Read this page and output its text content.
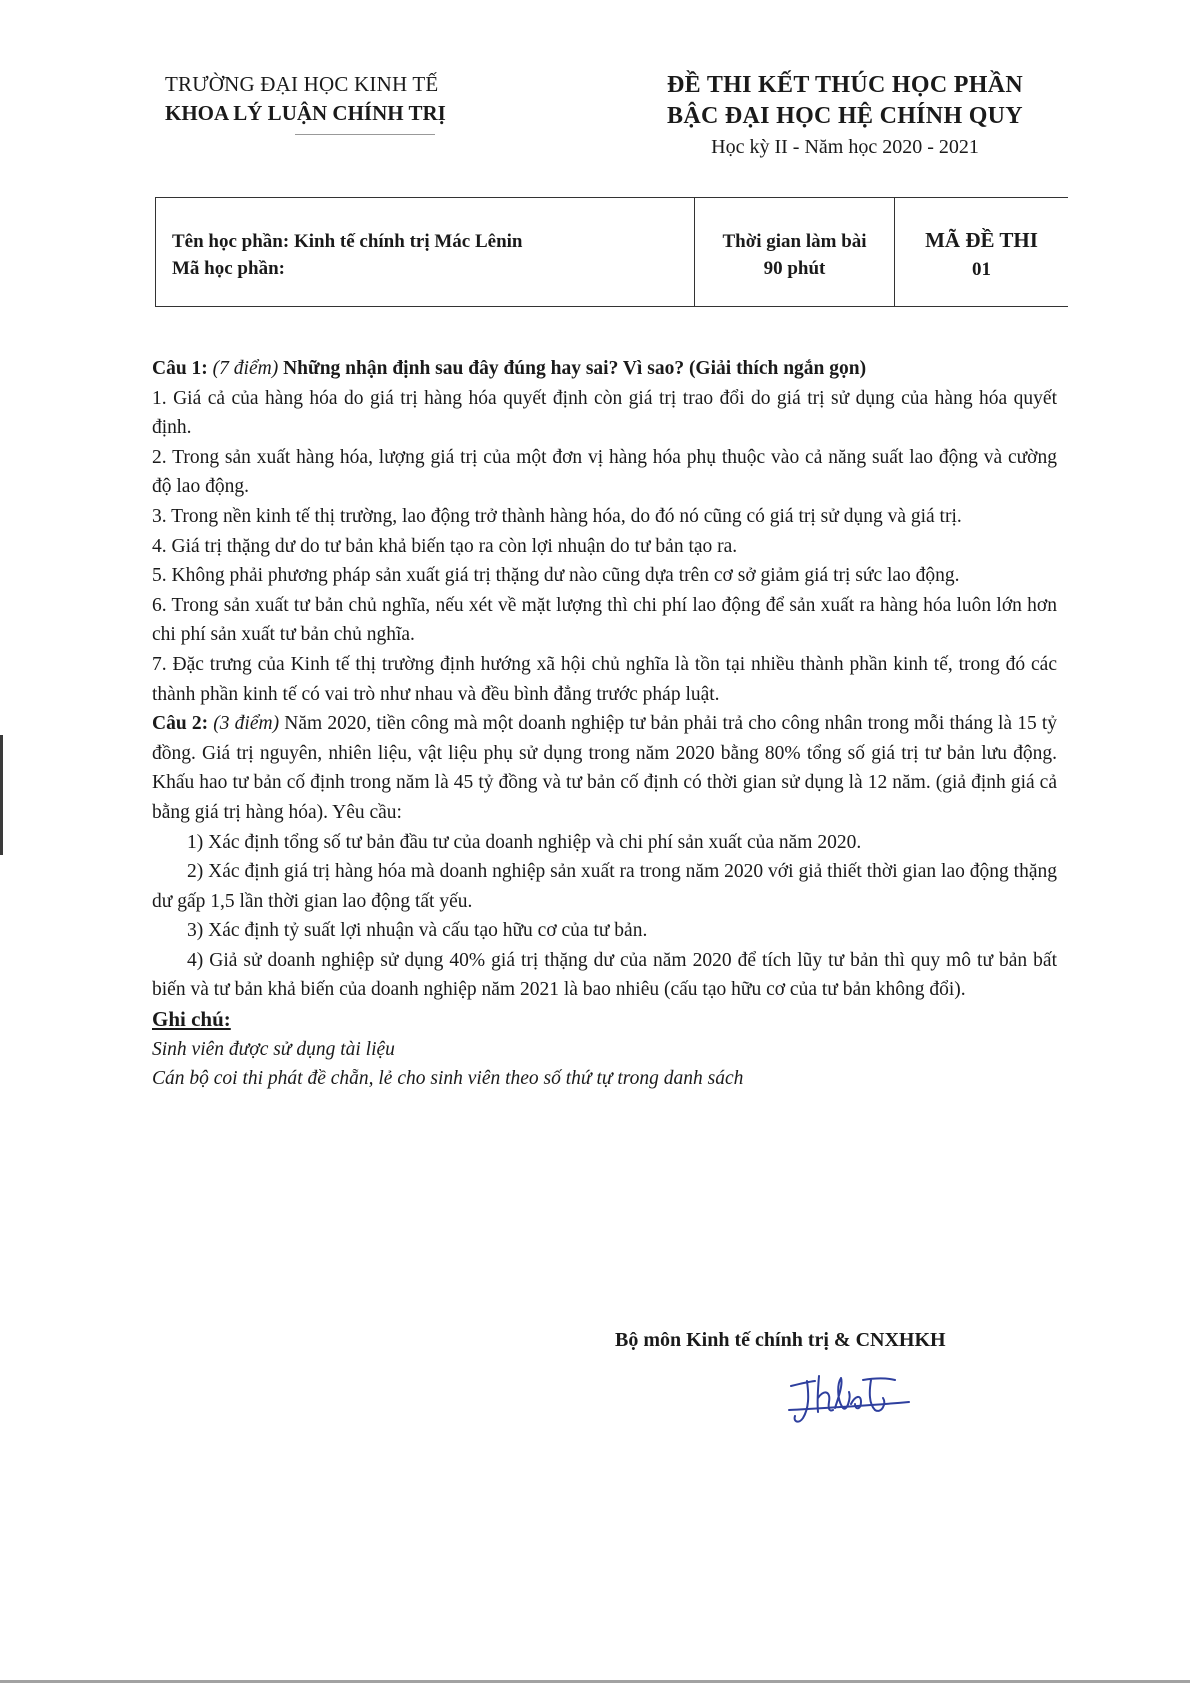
TRƯỜNG ĐẠI HỌC KINH TẾ
KHOA LÝ LUẬN CHÍNH TRỊ
ĐỀ THI KẾT THÚC HỌC PHẦN
BẬC ĐẠI HỌC HỆ CHÍNH QUY
Học kỳ II - Năm học 2020 - 2021
Tên học phần: Kinh tế chính trị Mác Lênin
Mã học phần:
Thời gian làm bài
90 phút
MÃ ĐỀ THI
01

Câu 1: (7 điểm) Những nhận định sau đây đúng hay sai? Vì sao? (Giải thích ngắn gọn)

1. Giá cả của hàng hóa do giá trị hàng hóa quyết định còn giá trị trao đổi do giá trị sử dụng của hàng hóa quyết định.

2. Trong sản xuất hàng hóa, lượng giá trị của một đơn vị hàng hóa phụ thuộc vào cả năng suất lao động và cường độ lao động.

3. Trong nền kinh tế thị trường, lao động trở thành hàng hóa, do đó nó cũng có giá trị sử dụng và giá trị.

4. Giá trị thặng dư do tư bản khả biến tạo ra còn lợi nhuận do tư bản tạo ra.

5. Không phải phương pháp sản xuất giá trị thặng dư nào cũng dựa trên cơ sở giảm giá trị sức lao động.

6. Trong sản xuất tư bản chủ nghĩa, nếu xét về mặt lượng thì chi phí lao động để sản xuất ra hàng hóa luôn lớn hơn chi phí sản xuất tư bản chủ nghĩa.

7. Đặc trưng của Kinh tế thị trường định hướng xã hội chủ nghĩa là tồn tại nhiều thành phần kinh tế, trong đó các thành phần kinh tế có vai trò như nhau và đều bình đẳng trước pháp luật.

Câu 2: (3 điểm) Năm 2020, tiền công mà một doanh nghiệp tư bản phải trả cho công nhân trong mỗi tháng là 15 tỷ đồng. Giá trị nguyên, nhiên liệu, vật liệu phụ sử dụng trong năm 2020 bằng 80% tổng số giá trị tư bản lưu động. Khấu hao tư bản cố định trong năm là 45 tỷ đồng và tư bản cố định có thời gian sử dụng là 12 năm. (giả định giá cả bằng giá trị hàng hóa). Yêu cầu:

1) Xác định tổng số tư bản đầu tư của doanh nghiệp và chi phí sản xuất của năm 2020.

2) Xác định giá trị hàng hóa mà doanh nghiệp sản xuất ra trong năm 2020 với giả thiết thời gian lao động thặng dư gấp 1,5 lần thời gian lao động tất yếu.

3) Xác định tỷ suất lợi nhuận và cấu tạo hữu cơ của tư bản.

4) Giả sử doanh nghiệp sử dụng 40% giá trị thặng dư của năm 2020 để tích lũy tư bản thì quy mô tư bản bất biến và tư bản khả biến của doanh nghiệp năm 2021 là bao nhiêu (cấu tạo hữu cơ của tư bản không đổi).

Ghi chú:

Sinh viên được sử dụng tài liệu

Cán bộ coi thi phát đề chẵn, lẻ cho sinh viên theo số thứ tự trong danh sách

Bộ môn Kinh tế chính trị & CNXHKH
